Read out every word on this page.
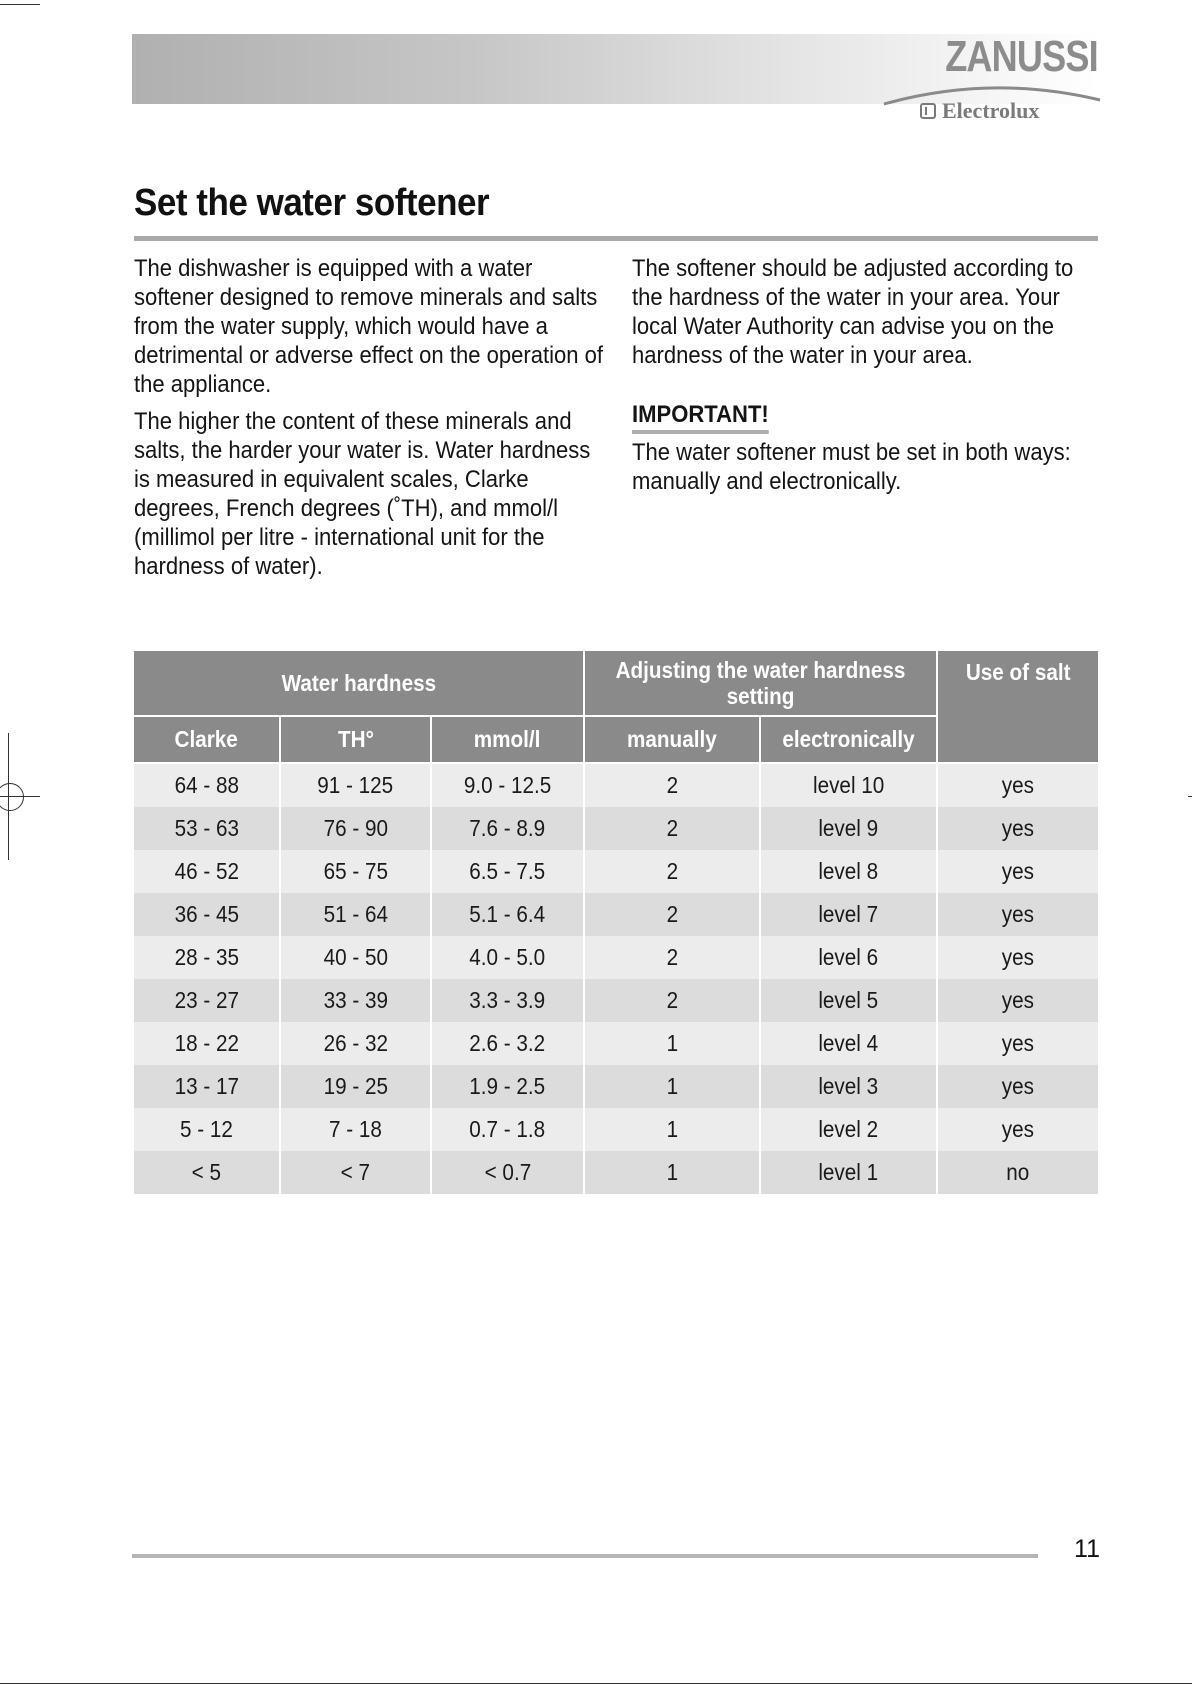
ZANUSSI
Electrolux
Set the water softener

The dishwasher is equipped with a water softener designed to remove minerals and salts from the water supply, which would have a detrimental or adverse effect on the operation of the appliance.

The higher the content of these minerals and salts, the harder your water is. Water hardness is measured in equivalent scales, Clarke degrees, French degrees (˚TH), and mmol/l (millimol per litre - international unit for the hardness of water).

The softener should be adjusted according to the hardness of the water in your area. Your local Water Authority can advise you on the hardness of the water in your area.

IMPORTANT!

The water softener must be set in both ways: manually and electronically.

Water hardness			Adjusting the water hardness setting		Use of salt
Clarke	TH°	mmol/l	manually	electronically	
64 - 88	91 - 125	9.0 - 12.5	2	level 10	yes
53 - 63	76 - 90	7.6 - 8.9	2	level 9	yes
46 - 52	65 - 75	6.5 - 7.5	2	level 8	yes
36 - 45	51 - 64	5.1 - 6.4	2	level 7	yes
28 - 35	40 - 50	4.0 - 5.0	2	level 6	yes
23 - 27	33 - 39	3.3 - 3.9	2	level 5	yes
18 - 22	26 - 32	2.6 - 3.2	1	level 4	yes
13 - 17	19 - 25	1.9 - 2.5	1	level 3	yes
5 - 12	7 - 18	0.7 - 1.8	1	level 2	yes
< 5	< 7	< 0.7	1	level 1	no
11
